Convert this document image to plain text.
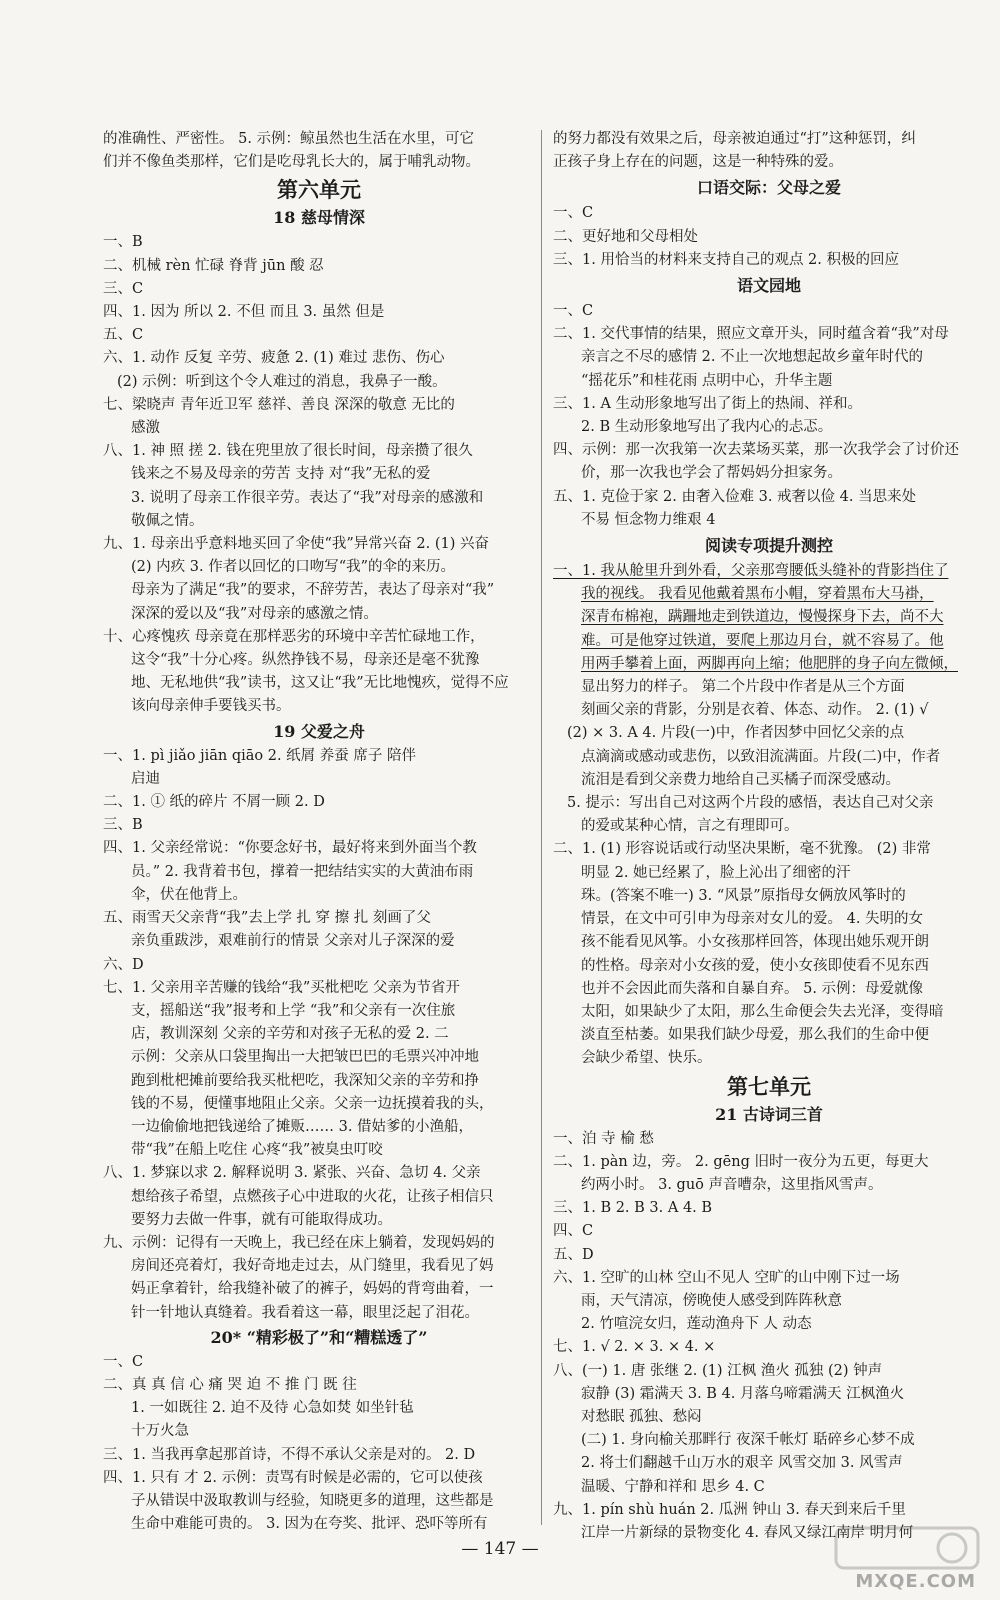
的准确性、严密性。 5. 示例：鲸虽然也生活在水里，可它
们并不像鱼类那样，它们是吃母乳长大的，属于哺乳动物。
第六单元
18 慈母情深
一、B
二、机械 rèn 忙碌 脊背 jūn 酸 忍
三、C
四、1. 因为 所以 2. 不但 而且 3. 虽然 但是
五、C
六、1. 动作 反复 辛劳、疲惫 2. (1) 难过 悲伤、伤心
(2) 示例：听到这个令人难过的消息，我鼻子一酸。
七、梁晓声 青年近卫军 慈祥、善良 深深的敬意 无比的
感激
八、1. 神 照 搓 2. 钱在兜里放了很长时间，母亲攒了很久
钱来之不易及母亲的劳苦 支持 对“我”无私的爱
3. 说明了母亲工作很辛劳。表达了“我”对母亲的感激和
敬佩之情。
九、1. 母亲出乎意料地买回了伞使“我”异常兴奋 2. (1) 兴奋
(2) 内疚 3. 作者以回忆的口吻写“我”的伞的来历。
母亲为了满足“我”的要求，不辞劳苦，表达了母亲对“我”
深深的爱以及“我”对母亲的感激之情。
十、心疼愧疚 母亲竟在那样恶劣的环境中辛苦忙碌地工作，
这令“我”十分心疼。纵然挣钱不易，母亲还是毫不犹豫
地、无私地供“我”读书，这又让“我”无比地愧疚，觉得不应
该向母亲伸手要钱买书。
19 父爱之舟
一、1. pì jiǎo jiān qiāo 2. 纸屑 养蚕 席子 陪伴
启迪
二、1. ① 纸的碎片 不屑一顾 2. D
三、B
四、1. 父亲经常说：“你要念好书，最好将来到外面当个教
员。” 2. 我背着书包，撑着一把结结实实的大黄油布雨
伞，伏在他背上。
五、雨雪天父亲背“我”去上学 扎 穿 擦 扎 刻画了父
亲负重跋涉，艰难前行的情景 父亲对儿子深深的爱
六、D
七、1. 父亲用辛苦赚的钱给“我”买枇杷吃 父亲为节省开
支，摇船送“我”报考和上学 “我”和父亲有一次住旅
店，教训深刻 父亲的辛劳和对孩子无私的爱 2. 二
示例：父亲从口袋里掏出一大把皱巴巴的毛票兴冲冲地
跑到枇杷摊前要给我买枇杷吃，我深知父亲的辛劳和挣
钱的不易，便懂事地阻止父亲。父亲一边抚摸着我的头，
一边偷偷地把钱递给了摊贩…… 3. 借姑爹的小渔船，
带“我”在船上吃住 心疼“我”被臭虫叮咬
八、1. 梦寐以求 2. 解释说明 3. 紧张、兴奋、急切 4. 父亲
想给孩子希望，点燃孩子心中进取的火花，让孩子相信只
要努力去做一件事，就有可能取得成功。
九、示例：记得有一天晚上，我已经在床上躺着，发现妈妈的
房间还亮着灯，我好奇地走过去，从门缝里，我看见了妈
妈正拿着针，给我缝补破了的裤子，妈妈的背弯曲着，一
针一针地认真缝着。我看着这一幕，眼里泛起了泪花。
20* “精彩极了”和“糟糕透了”
一、C
二、真 真 信 心 痛 哭 迫 不 推 门 既 往
1. 一如既往 2. 迫不及待 心急如焚 如坐针毡
十万火急
三、1. 当我再拿起那首诗，不得不承认父亲是对的。 2. D
四、1. 只有 才 2. 示例：责骂有时候是必需的，它可以使孩
子从错误中汲取教训与经验，知晓更多的道理，这些都是
生命中难能可贵的。 3. 因为在夸奖、批评、恐吓等所有
的努力都没有效果之后，母亲被迫通过“打”这种惩罚，纠
正孩子身上存在的问题，这是一种特殊的爱。
口语交际：父母之爱
一、C
二、更好地和父母相处
三、1. 用恰当的材料来支持自己的观点 2. 积极的回应
语文园地
一、C
二、1. 交代事情的结果，照应文章开头，同时蕴含着“我”对母
亲言之不尽的感情 2. 不止一次地想起故乡童年时代的
“摇花乐”和桂花雨 点明中心，升华主题
三、1. A 生动形象地写出了街上的热闹、祥和。
2. B 生动形象地写出了我内心的忐忑。
四、示例：那一次我第一次去菜场买菜，那一次我学会了讨价还
价，那一次我也学会了帮妈妈分担家务。
五、1. 克俭于家 2. 由奢入俭难 3. 戒奢以俭 4. 当思来处
不易 恒念物力维艰 4
阅读专项提升测控
一、1. 我从舱里升到外看，父亲那弯腰低头缝补的背影挡住了
我的视线。 我看见他戴着黑布小帽，穿着黑布大马褂，
深青布棉袍，蹒跚地走到铁道边，慢慢探身下去，尚不大
难。可是他穿过铁道，要爬上那边月台，就不容易了。他
用两手攀着上面，两脚再向上缩；他肥胖的身子向左微倾，
显出努力的样子。 第二个片段中作者是从三个方面
刻画父亲的背影，分别是衣着、体态、动作。 2. (1) √
(2) × 3. A 4. 片段(一)中，作者因梦中回忆父亲的点
点滴滴或感动或悲伤，以致泪流满面。片段(二)中，作者
流泪是看到父亲费力地给自己买橘子而深受感动。
5. 提示：写出自己对这两个片段的感悟，表达自己对父亲
的爱或某种心情，言之有理即可。
二、1. (1) 形容说话或行动坚决果断，毫不犹豫。 (2) 非常
明显 2. 她已经累了，脸上沁出了细密的汗
珠。(答案不唯一) 3. “风景”原指母女俩放风筝时的
情景，在文中可引申为母亲对女儿的爱。 4. 失明的女
孩不能看见风筝。小女孩那样回答，体现出她乐观开朗
的性格。母亲对小女孩的爱，使小女孩即使看不见东西
也并不会因此而失落和自暴自弃。 5. 示例：母爱就像
太阳，如果缺少了太阳，那么生命便会失去光泽，变得暗
淡直至枯萎。如果我们缺少母爱，那么我们的生命中便
会缺少希望、快乐。
第七单元
21 古诗词三首
一、泊 寺 榆 愁
二、1. pàn 边，旁。 2. gēng 旧时一夜分为五更，每更大
约两小时。 3. guō 声音嘈杂，这里指风雪声。
三、1. B 2. B 3. A 4. B
四、C
五、D
六、1. 空旷的山林 空山不见人 空旷的山中刚下过一场
雨，天气清凉，傍晚使人感受到阵阵秋意
2. 竹喧浣女归，莲动渔舟下 人 动态
七、1. √ 2. × 3. × 4. ×
八、(一) 1. 唐 张继 2. (1) 江枫 渔火 孤独 (2) 钟声
寂静 (3) 霜满天 3. B 4. 月落乌啼霜满天 江枫渔火
对愁眠 孤独、愁闷
(二) 1. 身向榆关那畔行 夜深千帐灯 聒碎乡心梦不成
2. 将士们翻越千山万水的艰辛 风雪交加 3. 风雪声
温暖、宁静和祥和 思乡 4. C
九、1. pín shù huán 2. 瓜洲 钟山 3. 春天到来后千里
江岸一片新绿的景物变化 4. 春风又绿江南岸 明月何
— 147 —
MXQE.COM
